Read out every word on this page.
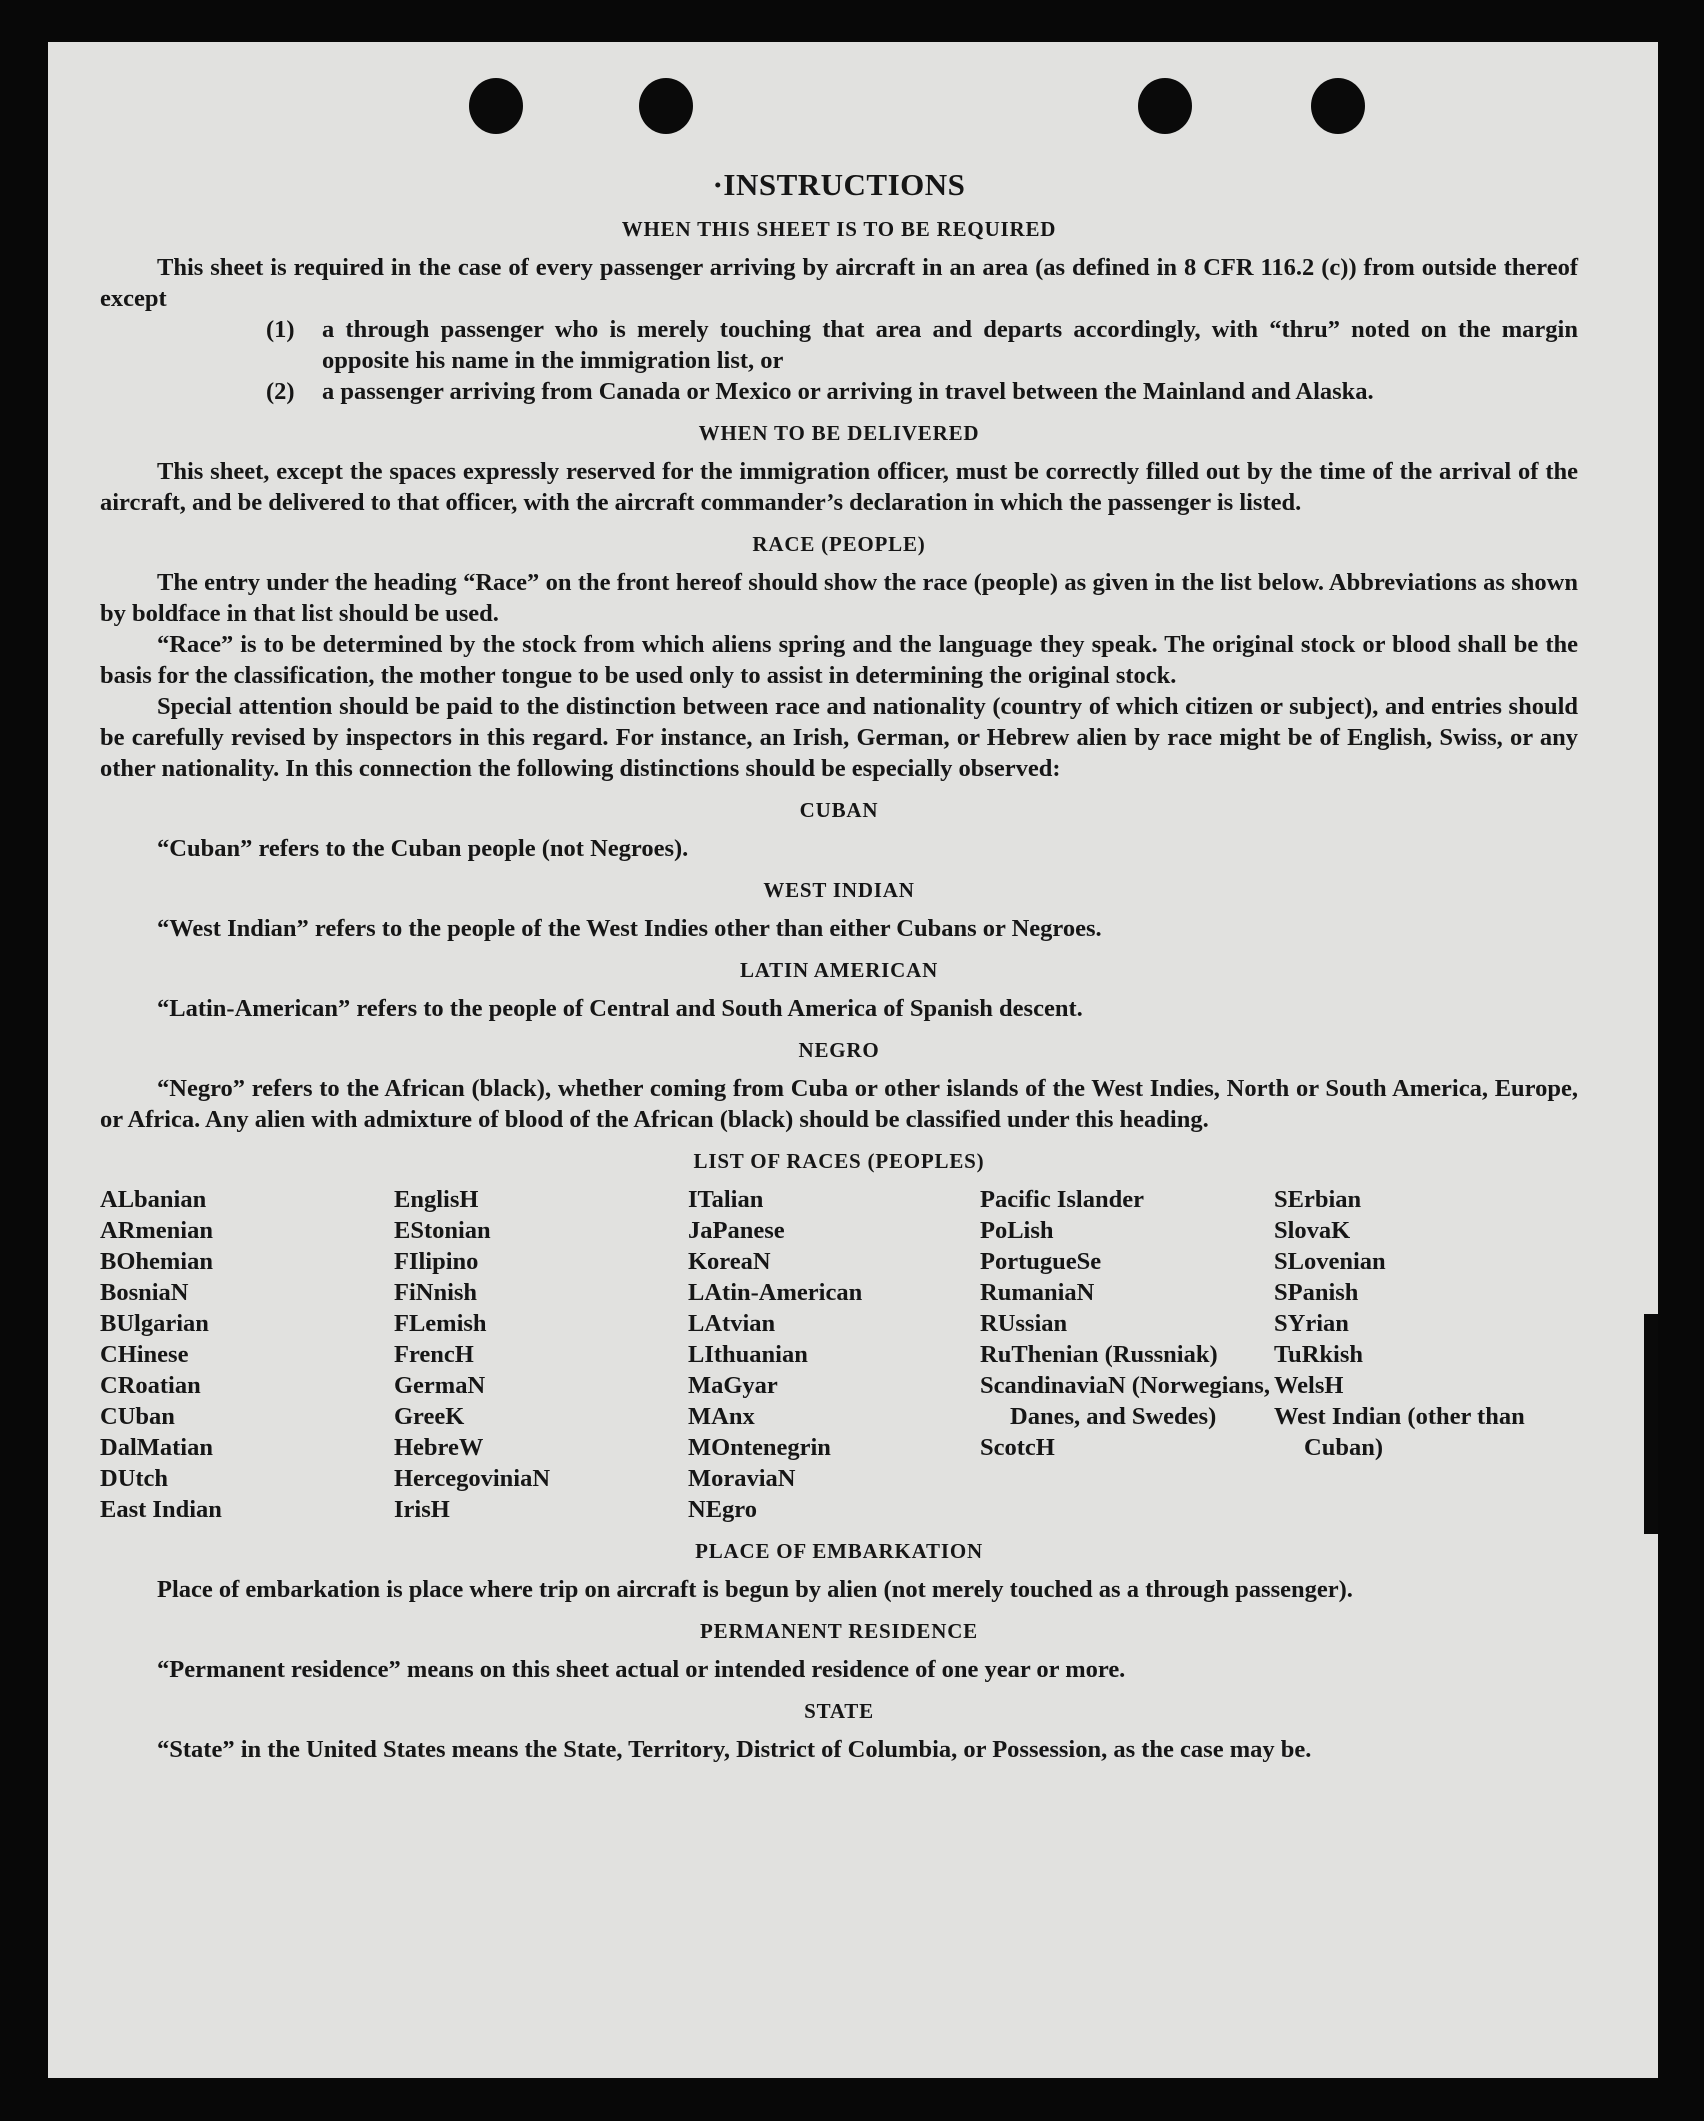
·INSTRUCTIONS
WHEN THIS SHEET IS TO BE REQUIRED

This sheet is required in the case of every passenger arriving by aircraft in an area (as defined in 8 CFR 116.2 (c)) from outside thereof except

(1)	a through passenger who is merely touching that area and departs accordingly, with “thru” noted on the margin opposite his name in the immigration list, or
(2)	a passenger arriving from Canada or Mexico or arriving in travel between the Mainland and Alaska.
WHEN TO BE DELIVERED

This sheet, except the spaces expressly reserved for the immigration officer, must be correctly filled out by the time of the arrival of the aircraft, and be delivered to that officer, with the aircraft commander’s declaration in which the passenger is listed.

RACE (PEOPLE)

The entry under the heading “Race” on the front hereof should show the race (people) as given in the list below. Abbreviations as shown by boldface in that list should be used.

“Race” is to be determined by the stock from which aliens spring and the language they speak. The original stock or blood shall be the basis for the classification, the mother tongue to be used only to assist in determining the original stock.

Special attention should be paid to the distinction between race and nationality (country of which citizen or subject), and entries should be carefully revised by inspectors in this regard. For instance, an Irish, German, or Hebrew alien by race might be of English, Swiss, or any other nationality. In this connection the following distinctions should be especially observed:

CUBAN

“Cuban” refers to the Cuban people (not Negroes).

WEST INDIAN

“West Indian” refers to the people of the West Indies other than either Cubans or Negroes.

LATIN AMERICAN

“Latin-American” refers to the people of Central and South America of Spanish descent.

NEGRO

“Negro” refers to the African (black), whether coming from Cuba or other islands of the West Indies, North or South America, Europe, or Africa. Any alien with admixture of blood of the African (black) should be classified under this heading.

LIST OF RACES (PEOPLES)
ALbanian
ARmenian
BOhemian
BosniaN
BUlgarian
CHinese
CRoatian
CUban
DalMatian
DUtch
East Indian
EnglisH
EStonian
FIlipino
FiNnish
FLemish
FrencH
GermaN
GreeK
HebreW
HercegoviniaN
IrisH
ITalian
JaPanese
KoreaN
LAtin-American
LAtvian
LIthuanian
MaGyar
MAnx
MOntenegrin
MoraviaN
NEgro
Pacific Islander
PoLish
PortugueSe
RumaniaN
RUssian
RuThenian (Russniak)
ScandinaviaN (Norwegians, Danes, and Swedes)
ScotcH
SErbian
SlovaK
SLovenian
SPanish
SYrian
TuRkish
WelsH
West Indian (other than Cuban)
PLACE OF EMBARKATION

Place of embarkation is place where trip on aircraft is begun by alien (not merely touched as a through passenger).

PERMANENT RESIDENCE

“Permanent residence” means on this sheet actual or intended residence of one year or more.

STATE

“State” in the United States means the State, Territory, District of Columbia, or Possession, as the case may be.
